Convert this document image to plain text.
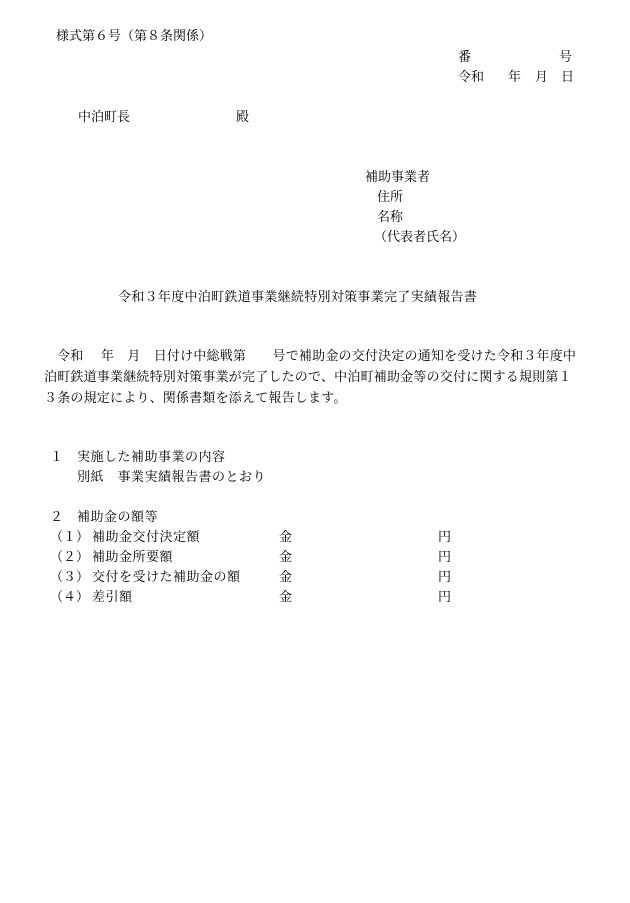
様式第６号（第８条関係）
番	号
令和 年 月 日
中泊町長	殿
補助事業者
住所
名称
（代表者氏名）
令和３年度中泊町鉄道事業継続特別対策事業完了実績報告書

令和　 年　月　日付け中総戦第　　号で補助金の交付決定の通知を受けた令和３年度中泊町鉄道事業継続特別対策事業が完了したので、中泊町補助金等の交付に関する規則第１３条の規定により、関係書類を添えて報告します。

１ 実施した補助事業の内容
別紙　事業実績報告書のとおり
２ 補助金の額等
（１） 補助金交付決定額	金	円
（２） 補助金所要額	金	円
（３） 交付を受けた補助金の額	金	円
（４） 差引額	金	円
